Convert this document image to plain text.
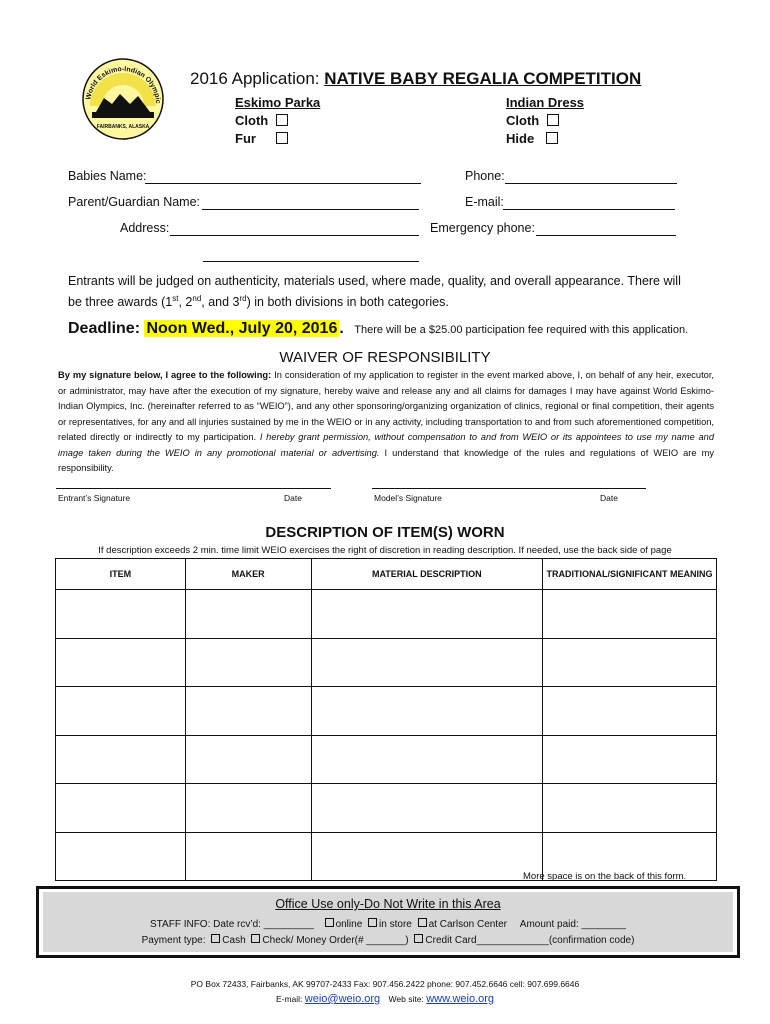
World Eskimo-Indian Olympic
FAIRBANKS, ALASKA
2016 Application: NATIVE BABY REGALIA COMPETITION
Eskimo Parka
Cloth
Fur
Indian Dress
Cloth
Hide
Babies Name:	Phone:
Parent/Guardian Name:	E-mail:
Address:	Emergency phone:
Entrants will be judged on authenticity, materials used, where made, quality, and overall appearance. There will
be three awards (1st, 2nd, and 3rd) in both divisions in both categories.
Deadline: Noon Wed., July 20, 2016 . There will be a $25.00 participation fee required with this application.
WAIVER OF RESPONSIBILITY
By my signature below, I agree to the following: In consideration of my application to register in the event marked above, I, on behalf of any heir, executor, or administrator, may have after the execution of my signature, hereby waive and release any and all claims for damages I may have against World Eskimo-Indian Olympics, Inc. (hereinafter referred to as “WEIO”), and any other sponsoring/organizing organization of clinics, regional or final competition, their agents or representatives, for any and all injuries sustained by me in the WEIO or in any activity, including transportation to and from such aforementioned competition, related directly or indirectly to my participation. I hereby grant permission, without compensation to and from WEIO or its appointees to use my name and image taken during the WEIO in any promotional material or advertising. I understand that knowledge of the rules and regulations of WEIO are my responsibility.
Entrant’s Signature	Date	Model’s Signature	Date
DESCRIPTION OF ITEM(S) WORN
If description exceeds 2 min. time limit WEIO exercises the right of discretion in reading description. If needed, use the back side of page
ITEM	MAKER	MATERIAL DESCRIPTION	TRADITIONAL/SIGNIFICANT MEANING

More space is on the back of this form.
Office Use only-Do Not Write in this Area
STAFF INFO: Date rcv’d: _________ online in store at Carlson Center Amount paid: ________
Payment type: Cash Check/ Money Order(# _______) Credit Card_____________(confirmation code)
PO Box 72433, Fairbanks, AK 99707-2433 Fax: 907.456.2422 phone: 907.452.6646 cell: 907.699.6646
E-mail: weio@weio.org Web site: www.weio.org
